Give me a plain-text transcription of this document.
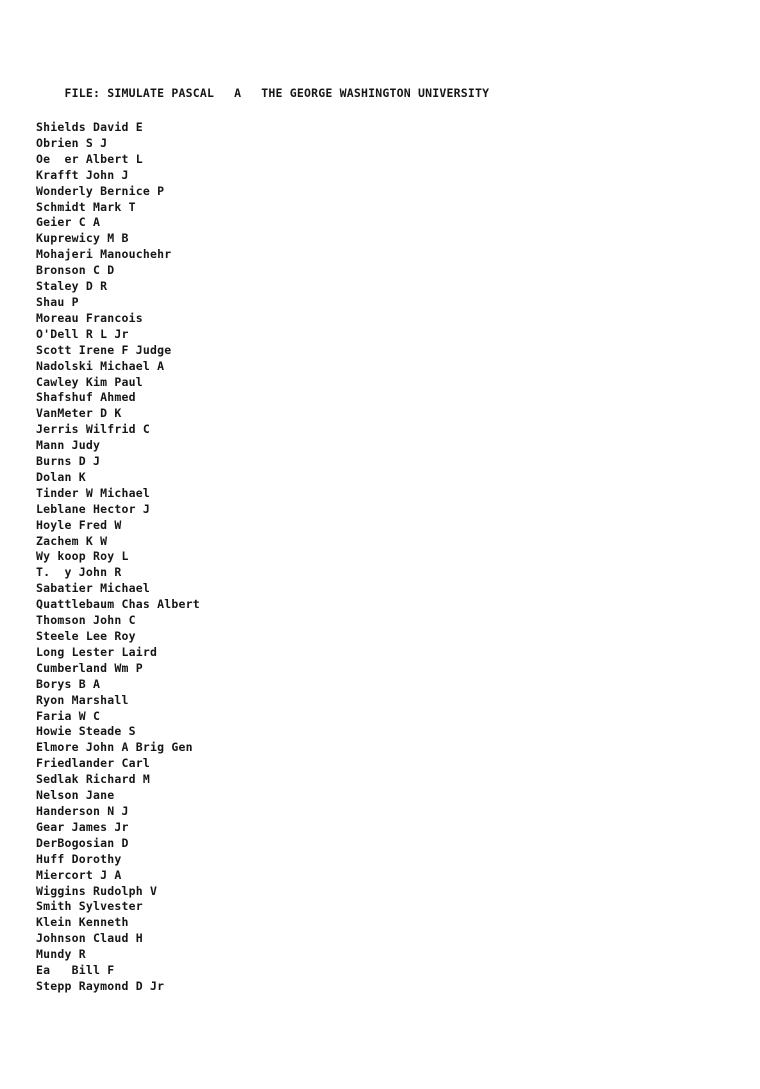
FILE: SIMULATE PASCAL A THE GEORGE WASHINGTON UNIVERSITY

Shields David E
Obrien S J
Oe  er Albert L
Krafft John J
Wonderly Bernice P
Schmidt Mark T
Geier C A
Kuprewicy M B
Mohajeri Manouchehr
Bronson C D
Staley D R
Shau P
Moreau Francois
O'Dell R L Jr
Scott Irene F Judge
Nadolski Michael A
Cawley Kim Paul
Shafshuf Ahmed
VanMeter D K
Jerris Wilfrid C
Mann Judy
Burns D J
Dolan K
Tinder W Michael
Leblane Hector J
Hoyle Fred W
Zachem K W
Wy koop Roy L
T.  y John R
Sabatier Michael
Quattlebaum Chas Albert
Thomson John C
Steele Lee Roy
Long Lester Laird
Cumberland Wm P
Borys B A
Ryon Marshall
Faria W C
Howie Steade S
Elmore John A Brig Gen
Friedlander Carl
Sedlak Richard M
Nelson Jane
Handerson N J
Gear James Jr
DerBogosian D
Huff Dorothy
Miercort J A
Wiggins Rudolph V
Smith Sylvester
Klein Kenneth
Johnson Claud H
Mundy R
Ea   Bill F
Stepp Raymond D Jr
